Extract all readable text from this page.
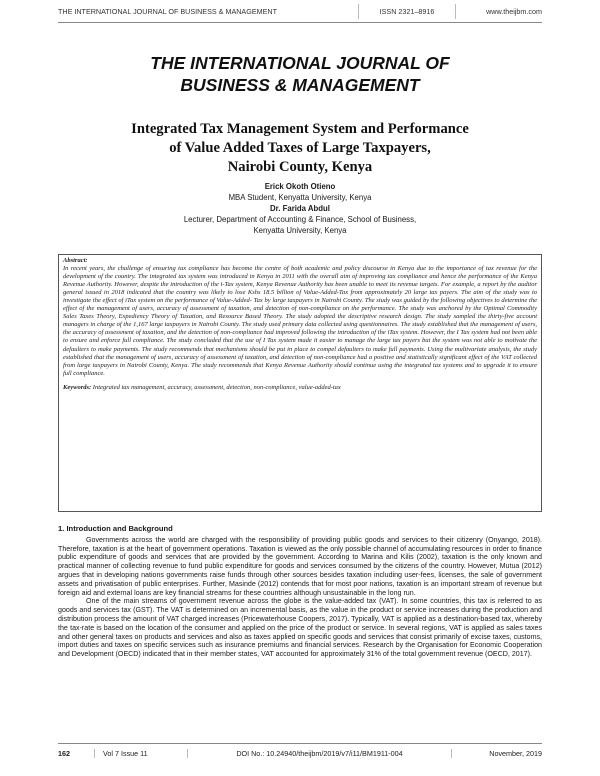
THE INTERNATIONAL JOURNAL OF BUSINESS & MANAGEMENT	ISSN 2321–8916	www.theijbm.com
THE INTERNATIONAL JOURNAL OF
BUSINESS & MANAGEMENT
Integrated Tax Management System and Performance
of Value Added Taxes of Large Taxpayers,
Nairobi County, Kenya
Erick Okoth Otieno
MBA Student, Kenyatta University, Kenya
Dr. Farida Abdul
Lecturer, Department of Accounting & Finance, School of Business,
Kenyatta University, Kenya
Abstract:
In recent years, the challenge of ensuring tax compliance has become the centre of both academic and policy discourse in Kenya due to the importance of tax revenue for the development of the country. The integrated tax system was introduced in Kenya in 2011 with the overall aim of improving tax compliance and hence the performance of the Kenya Revenue Authority. However, despite the introduction of the i-Tax system, Kenya Revenue Authority has been unable to meet its revenue targets. For example, a report by the auditor general issued in 2018 indicated that the country was likely to lose Kshs 18.5 billion of Value-Added-Tax from approximately 20 large tax payers. The aim of the study was to investigate the effect of iTax system on the performance of Value-Added- Tax by large taxpayers in Nairobi County. The study was guided by the following objectives to determine the effect of the management of users, accuracy of assessment of taxation, and detection of non-compliance on the performance. The study was anchored by the Optimal Commodity Sales Taxes Theory, Expediency Theory of Taxation, and Resource Based Theory. The study adopted the descriptive research design. The study sampled the thirty-five account managers in charge of the 1,167 large taxpayers in Nairobi County. The study used primary data collected using questionnaires. The study established that the management of users, the accuracy of assessment of taxation, and the detection of non-compliance had improved following the introduction of the iTax system. However, the I Tax system had not been able to ensure and enforce full compliance. The study concluded that the use of I Tax system made it easier to manage the large tax payers but the system was not able to motivate the defaulters to make payments. The study recommends that mechanisms should be put in place to compel defaulters to make full payments. Using the multivariate analysis, the study established that the management of users, accuracy of assessment of taxation, and detection of non-compliance had a positive and statistically significant effect of the VAT collected from large taxpayers in Nairobi County, Kenya. The study recommends that Kenya Revenue Authority should continue using the integrated tax systems and to upgrade it to ensure full compliance.
Keywords: Integrated tax management, accuracy, assessment, detection, non-compliance, value-added-tax
1. Introduction and Background

Governments across the world are charged with the responsibility of providing public goods and services to their citizenry (Onyango, 2018). Therefore, taxation is at the heart of government operations. Taxation is viewed as the only possible channel of accumulating resources in order to finance public expenditure of goods and services that are provided by the government. According to Marina and Kilis (2002), taxation is the only known and practical manner of collecting revenue to fund public expenditure for goods and services consumed by the citizens of the country. However, Mutua (2012) argues that in developing nations governments raise funds through other sources besides taxation including user-fees, licenses, the sale of government assets and privatisation of public enterprises. Further, Masinde (2012) contends that for most poor nations, taxation is an important stream of revenue but foreign aid and external loans are key financial streams for these countries although unsustainable in the long run.

One of the main streams of government revenue across the globe is the value-added tax (VAT). In some countries, this tax is referred to as goods and services tax (GST). The VAT is determined on an incremental basis, as the value in the product or service increases during the production and distribution process the amount of VAT charged increases (Pricewaterhouse Coopers, 2017). Typically, VAT is applied as a destination-based tax, whereby the tax-rate is based on the location of the consumer and applied on the price of the product or service. In several regions, VAT is applied as sales taxes and other general taxes on products and services and also as taxes applied on specific goods and services that consist primarily of excise taxes, customs, import duties and taxes on specific services such as insurance premiums and financial services. Research by the Organisation for Economic Cooperation and Development (OECD) indicated that in their member states, VAT accounted for approximately 31% of the total government revenue (OECD, 2017).

162	Vol 7 Issue 11	DOI No.: 10.24940/theijbm/2019/v7/i11/BM1911-004	November, 2019
